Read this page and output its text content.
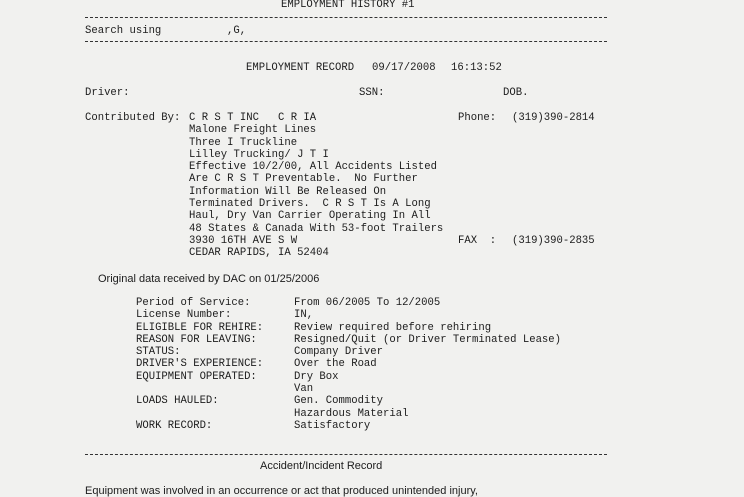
EMPLOYMENT HISTORY #1
Search using	,G,
EMPLOYMENT RECORD 09/17/2008 16:13:52
Driver:	SSN:	DOB.
Contributed By: C R S T INC   C R IA
Malone Freight Lines
Three I Truckline
Lilley Trucking/ J T I
Effective 10/2/00, All Accidents Listed
Are C R S T Preventable.  No Further
Information Will Be Released On
Terminated Drivers.  C R S T Is A Long
Haul, Dry Van Carrier Operating In All
48 States & Canada With 53-foot Trailers
3930 16TH AVE S W
CEDAR RAPIDS, IA 52404
Phone: (319)390-2814
FAX  : (319)390-2835
Original data received by DAC on 01/25/2006
Period of Service:	From 06/2005 To 12/2005
License Number:	IN,
ELIGIBLE FOR REHIRE:	Review required before rehiring
REASON FOR LEAVING:	Resigned/Quit (or Driver Terminated Lease)
STATUS:	Company Driver
DRIVER'S EXPERIENCE:	Over the Road
EQUIPMENT OPERATED:	Dry Box
Van
LOADS HAULED:	Gen. Commodity
Hazardous Material
WORK RECORD:	Satisfactory
Accident/Incident Record
Equipment was involved in an occurrence or act that produced unintended injury,
